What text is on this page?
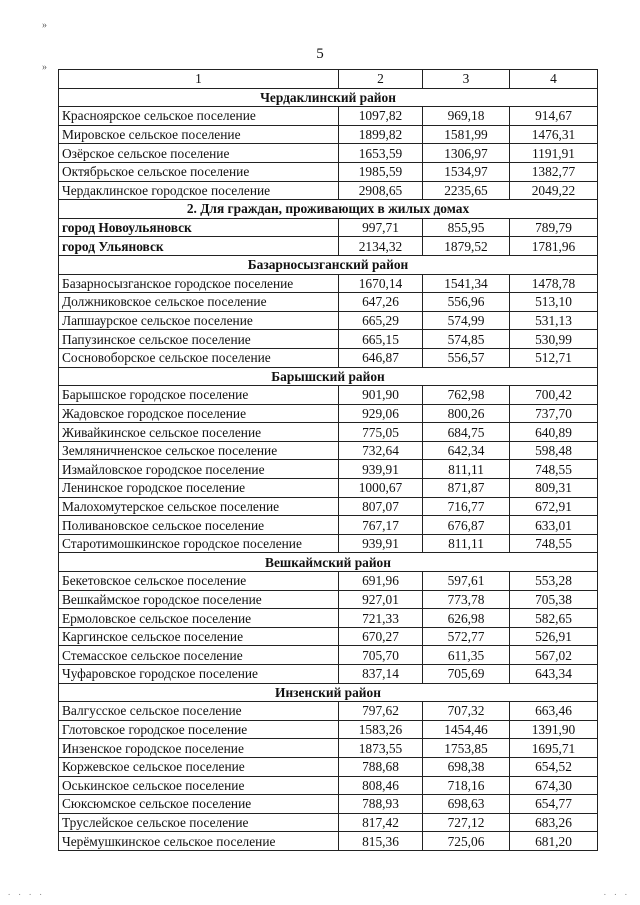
»
»
5
1	2	3	4
Чердаклинский район			
Красноярское сельское поселение	1097,82	969,18	914,67
Мировское сельское поселение	1899,82	1581,99	1476,31
Озёрское сельское поселение	1653,59	1306,97	1191,91
Октябрьское сельское поселение	1985,59	1534,97	1382,77
Чердаклинское городское поселение	2908,65	2235,65	2049,22
2. Для граждан, проживающих в жилых домах			
город Новоульяновск	997,71	855,95	789,79
город Ульяновск	2134,32	1879,52	1781,96
Базарносызганский район			
Базарносызганское городское поселение	1670,14	1541,34	1478,78
Должниковское сельское поселение	647,26	556,96	513,10
Лапшаурское сельское поселение	665,29	574,99	531,13
Папузинское сельское поселение	665,15	574,85	530,99
Сосновоборское сельское поселение	646,87	556,57	512,71
Барышский район			
Барышское городское поселение	901,90	762,98	700,42
Жадовское городское поселение	929,06	800,26	737,70
Живайкинское сельское поселение	775,05	684,75	640,89
Земляничненское сельское поселение	732,64	642,34	598,48
Измайловское городское поселение	939,91	811,11	748,55
Ленинское городское поселение	1000,67	871,87	809,31
Малохомутерское сельское поселение	807,07	716,77	672,91
Поливановское сельское поселение	767,17	676,87	633,01
Старотимошкинское городское поселение	939,91	811,11	748,55
Вешкаймский район			
Бекетовское сельское поселение	691,96	597,61	553,28
Вешкаймское городское поселение	927,01	773,78	705,38
Ермоловское сельское поселение	721,33	626,98	582,65
Каргинское сельское поселение	670,27	572,77	526,91
Стемасское сельское поселение	705,70	611,35	567,02
Чуфаровское городское поселение	837,14	705,69	643,34
Инзенский район			
Валгусское сельское поселение	797,62	707,32	663,46
Глотовское городское поселение	1583,26	1454,46	1391,90
Инзенское городское поселение	1873,55	1753,85	1695,71
Коржевское сельское поселение	788,68	698,38	654,52
Оськинское сельское поселение	808,46	718,16	674,30
Сюксюмское сельское поселение	788,93	698,63	654,77
Труслейское сельское поселение	817,42	727,12	683,26
Черёмушкинское сельское поселение	815,36	725,06	681,20
. . . .	. . .
